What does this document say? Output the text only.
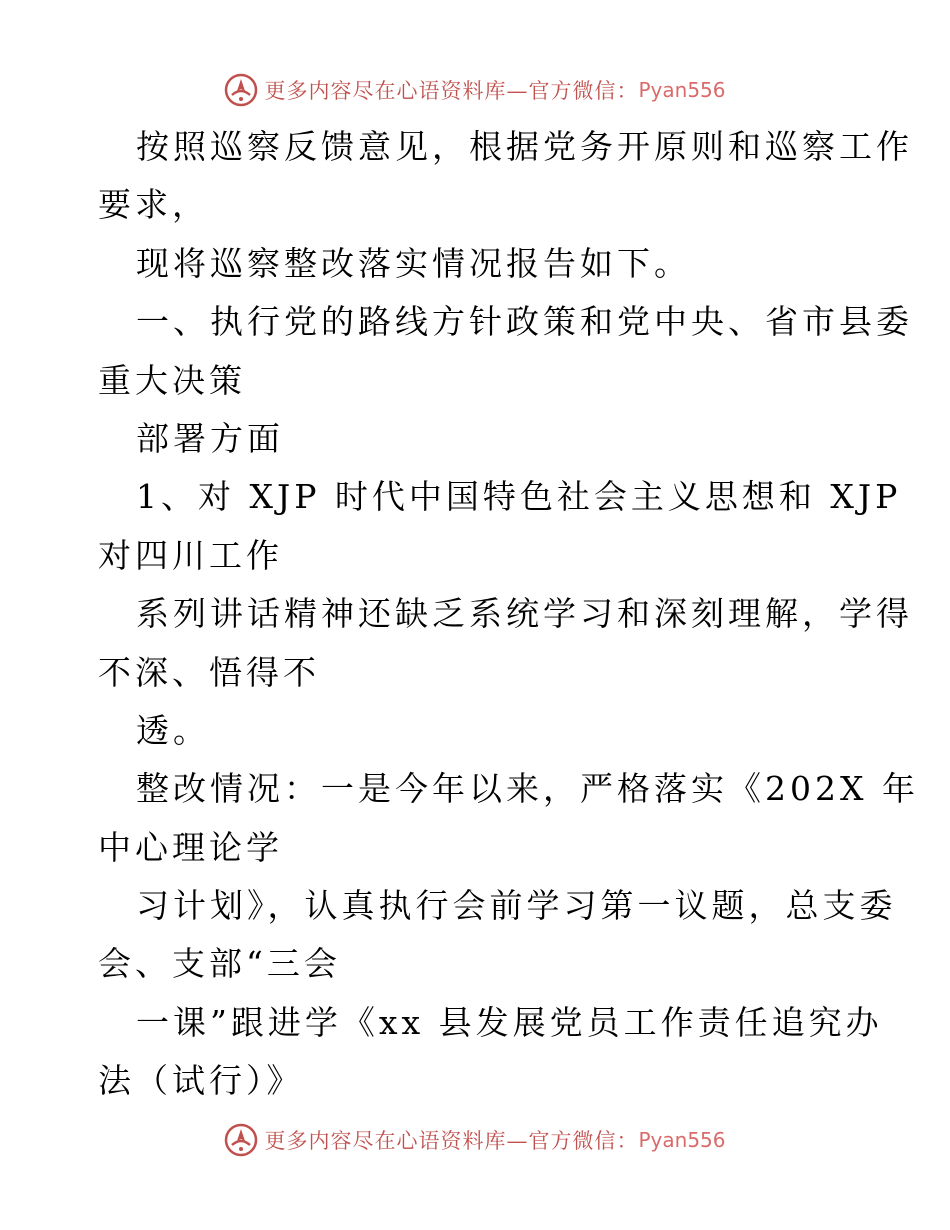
更多内容尽在心语资料库—官方微信： Pyan556
按照巡察反馈意见，根据党务开原则和巡察工作
要求，
现将巡察整改落实情况报告如下。
一、执行党的路线方针政策和党中央、省市县委
重大决策
部署方面
1、对 XJP 时代中国特色社会主义思想和 XJP
对四川工作
系列讲话精神还缺乏系统学习和深刻理解，学得
不深、悟得不
透。
整改情况：一是今年以来，严格落实《202X 年
中心理论学
习计划》，认真执行会前学习第一议题，总支委
会、支部“三会
一课”跟进学《xx 县发展党员工作责任追究办
法（试行）》
更多内容尽在心语资料库—官方微信： Pyan556
